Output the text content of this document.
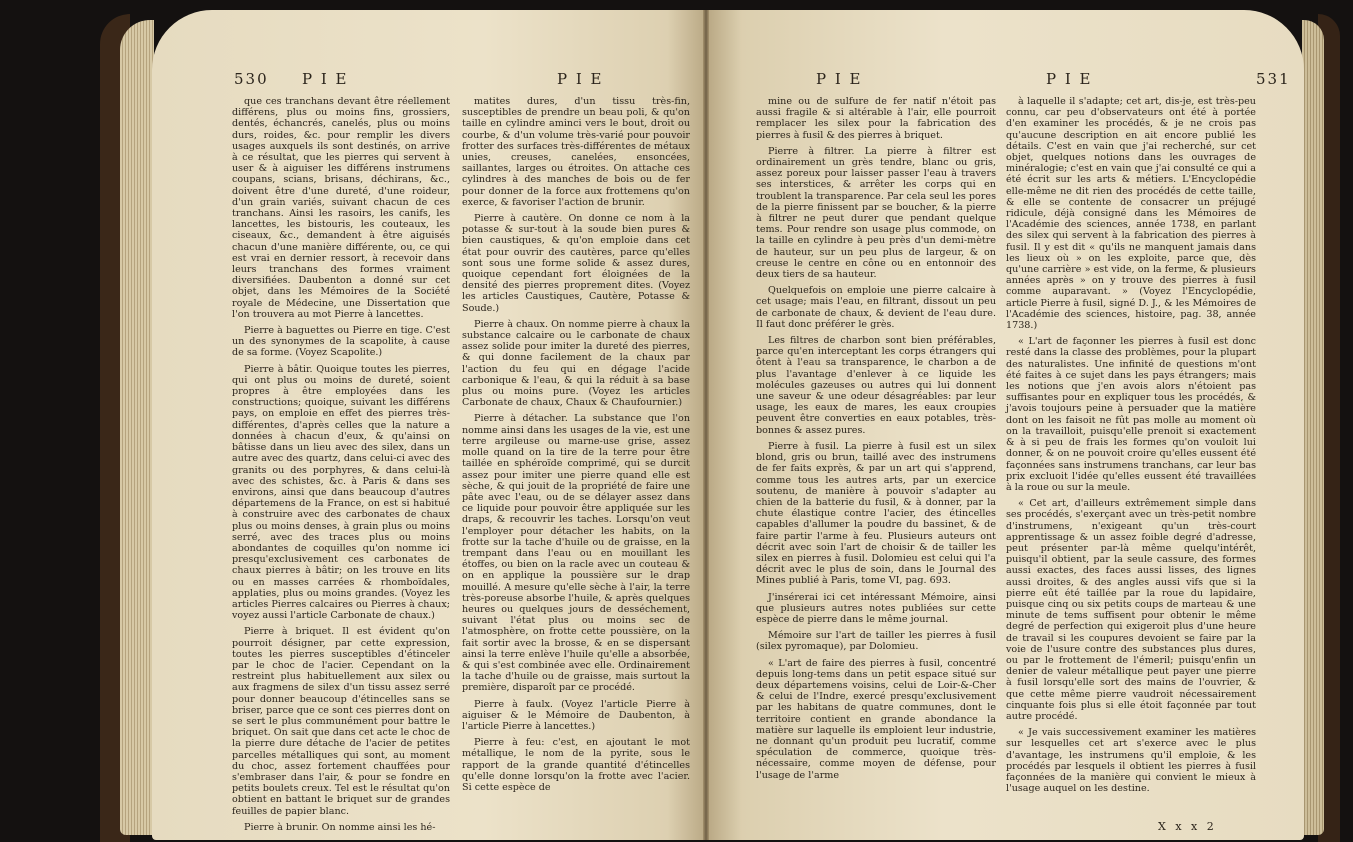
530 P I E	P I E

que ces tranchans devant être réellement différens, plus ou moins fins, grossiers, dentés, échancrés, canelés, plus ou moins durs, roides, &c. pour remplir les divers usages auxquels ils sont destinés, on arrive à ce résultat, que les pierres qui servent à user & à aiguiser les différens instrumens coupans, scians, brisans, déchirans, &c., doivent être d'une dureté, d'une roideur, d'un grain variés, suivant chacun de ces tranchans. Ainsi les rasoirs, les canifs, les lancettes, les bistouris, les couteaux, les ciseaux, &c., demandent à être aiguisés chacun d'une manière différente, ou, ce qui est vrai en dernier ressort, à recevoir dans leurs tranchans des formes vraiment diversifiées. Daubenton a donné sur cet objet, dans les Mémoires de la Société royale de Médecine, une Dissertation que l'on trouvera au mot Pierre à lancettes.

Pierre à baguettes ou Pierre en tige. C'est un des synonymes de la scapolite, à cause de sa forme. (Voyez Scapolite.)

Pierre à bâtir. Quoique toutes les pierres, qui ont plus ou moins de dureté, soient propres à être employées dans les constructions; quoique, suivant les différens pays, on emploie en effet des pierres très-différentes, d'après celles que la nature a données à chacun d'eux, & qu'ainsi on bâtisse dans un lieu avec des silex, dans un autre avec des quartz, dans celui-ci avec des granits ou des porphyres, & dans celui-là avec des schistes, &c. à Paris & dans ses environs, ainsi que dans beaucoup d'autres départemens de la France, on est si habitué à construire avec des carbonates de chaux plus ou moins denses, à grain plus ou moins serré, avec des traces plus ou moins abondantes de coquilles qu'on nomme ici presqu'exclusivement ces carbonates de chaux pierres à bâtir; on les trouve en lits ou en masses carrées & rhomboïdales, applaties, plus ou moins grandes. (Voyez les articles Pierres calcaires ou Pierres à chaux; voyez aussi l'article Carbonate de chaux.)

Pierre à briquet. Il est évident qu'on pourroit désigner, par cette expression, toutes les pierres susceptibles d'étinceler par le choc de l'acier. Cependant on la restreint plus habituellement aux silex ou aux fragmens de silex d'un tissu assez serré pour donner beaucoup d'étincelles sans se briser, parce que ce sont ces pierres dont on se sert le plus communément pour battre le briquet. On sait que dans cet acte le choc de la pierre dure détache de l'acier de petites parcelles métalliques qui sont, au moment du choc, assez fortement chauffées pour s'embraser dans l'air, & pour se fondre en petits boulets creux. Tel est le résultat qu'on obtient en battant le briquet sur de grandes feuilles de papier blanc.

Pierre à brunir. On nomme ainsi les hé-

matites dures, d'un tissu très-fin, susceptibles de prendre un beau poli, & qu'on taille en cylindre aminci vers le bout, droit ou courbe, & d'un volume très-varié pour pouvoir frotter des surfaces très-différentes de métaux unies, creuses, canelées, ensoncées, saillantes, larges ou étroites. On attache ces cylindres à des manches de bois ou de fer pour donner de la force aux frottemens qu'on exerce, & favoriser l'action de brunir.

Pierre à cautère. On donne ce nom à la potasse & sur-tout à la soude bien pures & bien caustiques, & qu'on emploie dans cet état pour ouvrir des cautères, parce qu'elles sont sous une forme solide & assez dures, quoique cependant fort éloignées de la densité des pierres proprement dites. (Voyez les articles Caustiques, Cautère, Potasse & Soude.)

Pierre à chaux. On nomme pierre à chaux la substance calcaire ou le carbonate de chaux assez solide pour imiter la dureté des pierres, & qui donne facilement de la chaux par l'action du feu qui en dégage l'acide carbonique & l'eau, & qui la réduit à sa base plus ou moins pure. (Voyez les articles Carbonate de chaux, Chaux & Chaufournier.)

Pierre à détacher. La substance que l'on nomme ainsi dans les usages de la vie, est une terre argileuse ou marne-use grise, assez molle quand on la tire de la terre pour être taillée en sphéroïde comprimé, qui se durcit assez pour imiter une pierre quand elle est sèche, & qui jouit de la propriété de faire une pâte avec l'eau, ou de se délayer assez dans ce liquide pour pouvoir être appliquée sur les draps, & recouvrir les taches. Lorsqu'on veut l'employer pour détacher les habits, on la frotte sur la tache d'huile ou de graisse, en la trempant dans l'eau ou en mouillant les étoffes, ou bien on la racle avec un couteau & on en applique la poussière sur le drap mouillé. A mesure qu'elle sèche à l'air, la terre très-poreuse absorbe l'huile, & après quelques heures ou quelques jours de desséchement, suivant l'état plus ou moins sec de l'atmosphère, on frotte cette poussière, on la fait sortir avec la brosse, & en se dispersant ainsi la terre enlève l'huile qu'elle a absorbée, & qui s'est combinée avec elle. Ordinairement la tache d'huile ou de graisse, mais surtout la première, disparoît par ce procédé.

Pierre à faulx. (Voyez l'article Pierre à aiguiser & le Mémoire de Daubenton, à l'article Pierre à lancettes.)

Pierre à feu: c'est, en ajoutant le mot métallique, le nom de la pyrite, sous le rapport de la grande quantité d'étincelles qu'elle donne lorsqu'on la frotte avec l'acier. Si cette espèce de

P I E	P I E	531

mine ou de sulfure de fer natif n'étoit pas aussi fragile & si altérable à l'air, elle pourroit remplacer les silex pour la fabrication des pierres à fusil & des pierres à briquet.

Pierre à filtrer. La pierre à filtrer est ordinairement un grès tendre, blanc ou gris, assez poreux pour laisser passer l'eau à travers ses interstices, & arrêter les corps qui en troublent la transparence. Par cela seul les pores de la pierre finissent par se boucher, & la pierre à filtrer ne peut durer que pendant quelque tems. Pour rendre son usage plus commode, on la taille en cylindre à peu près d'un demi-mètre de hauteur, sur un peu plus de largeur, & on creuse le centre en cône ou en entonnoir des deux tiers de sa hauteur.

Quelquefois on emploie une pierre calcaire à cet usage; mais l'eau, en filtrant, dissout un peu de carbonate de chaux, & devient de l'eau dure. Il faut donc préférer le grès.

Les filtres de charbon sont bien préférables, parce qu'en interceptant les corps étrangers qui ôtent à l'eau sa transparence, le charbon a de plus l'avantage d'enlever à ce liquide les molécules gazeuses ou autres qui lui donnent une saveur & une odeur désagréables: par leur usage, les eaux de mares, les eaux croupies peuvent être converties en eaux potables, très-bonnes & assez pures.

Pierre à fusil. La pierre à fusil est un silex blond, gris ou brun, taillé avec des instrumens de fer faits exprès, & par un art qui s'apprend, comme tous les autres arts, par un exercice soutenu, de manière à pouvoir s'adapter au chien de la batterie du fusil, & à donner, par la chute élastique contre l'acier, des étincelles capables d'allumer la poudre du bassinet, & de faire partir l'arme à feu. Plusieurs auteurs ont décrit avec soin l'art de choisir & de tailler les silex en pierres à fusil. Dolomieu est celui qui l'a décrit avec le plus de soin, dans le Journal des Mines publié à Paris, tome VI, pag. 693.

J'insérerai ici cet intéressant Mémoire, ainsi que plusieurs autres notes publiées sur cette espèce de pierre dans le même journal.

Mémoire sur l'art de tailler les pierres à fusil (silex pyromaque), par Dolomieu.

« L'art de faire des pierres à fusil, concentré depuis long-tems dans un petit espace situé sur deux départemens voisins, celui de Loir-&-Cher & celui de l'Indre, exercé presqu'exclusivement par les habitans de quatre communes, dont le territoire contient en grande abondance la matière sur laquelle ils emploient leur industrie, ne donnant qu'un produit peu lucratif, comme spéculation de commerce, quoique très-nécessaire, comme moyen de défense, pour l'usage de l'arme

à laquelle il s'adapte; cet art, dis-je, est très-peu connu, car peu d'observateurs ont été à portée d'en examiner les procédés, & je ne crois pas qu'aucune description en ait encore publié les détails. C'est en vain que j'ai recherché, sur cet objet, quelques notions dans les ouvrages de minéralogie; c'est en vain que j'ai consulté ce qui a été écrit sur les arts & métiers. L'Encyclopédie elle-même ne dit rien des procédés de cette taille, & elle se contente de consacrer un préjugé ridicule, déjà consigné dans les Mémoires de l'Académie des sciences, année 1738, en parlant des silex qui servent à la fabrication des pierres à fusil. Il y est dit « qu'ils ne manquent jamais dans les lieux où » on les exploite, parce que, dès qu'une carrière » est vide, on la ferme, & plusieurs années après » on y trouve des pierres à fusil comme auparavant. » (Voyez l'Encyclopédie, article Pierre à fusil, signé D. J., & les Mémoires de l'Académie des sciences, histoire, pag. 38, année 1738.)

« L'art de façonner les pierres à fusil est donc resté dans la classe des problèmes, pour la plupart des naturalistes. Une infinité de questions m'ont été faites à ce sujet dans les pays étrangers; mais les notions que j'en avois alors n'étoient pas suffisantes pour en expliquer tous les procédés, & j'avois toujours peine à persuader que la matière dont on les faisoit ne fût pas molle au moment où on la travailloit, puisqu'elle prenoit si exactement & à si peu de frais les formes qu'on vouloit lui donner, & on ne pouvoit croire qu'elles eussent été façonnées sans instrumens tranchans, car leur bas prix excluoit l'idée qu'elles eussent été travaillées à la roue ou sur la meule.

« Cet art, d'ailleurs extrêmement simple dans ses procédés, s'exerçant avec un très-petit nombre d'instrumens, n'exigeant qu'un très-court apprentissage & un assez foible degré d'adresse, peut présenter par-là même quelqu'intérêt, puisqu'il obtient, par la seule cassure, des formes aussi exactes, des faces aussi lisses, des lignes aussi droites, & des angles aussi vifs que si la pierre eût été taillée par la roue du lapidaire, puisque cinq ou six petits coups de marteau & une minute de tems suffisent pour obtenir le même degré de perfection qui exigeroit plus d'une heure de travail si les coupures devoient se faire par la voie de l'usure contre des substances plus dures, ou par le frottement de l'émeril; puisqu'enfin un denier de valeur métallique peut payer une pierre à fusil lorsqu'elle sort des mains de l'ouvrier, & que cette même pierre vaudroit nécessairement cinquante fois plus si elle étoit façonnée par tout autre procédé.

« Je vais successivement examiner les matières sur lesquelles cet art s'exerce avec le plus d'avantage, les instrumens qu'il emploie, & les procédés par lesquels il obtient les pierres à fusil façonnées de la manière qui convient le mieux à l'usage auquel on les destine.

X x x 2
